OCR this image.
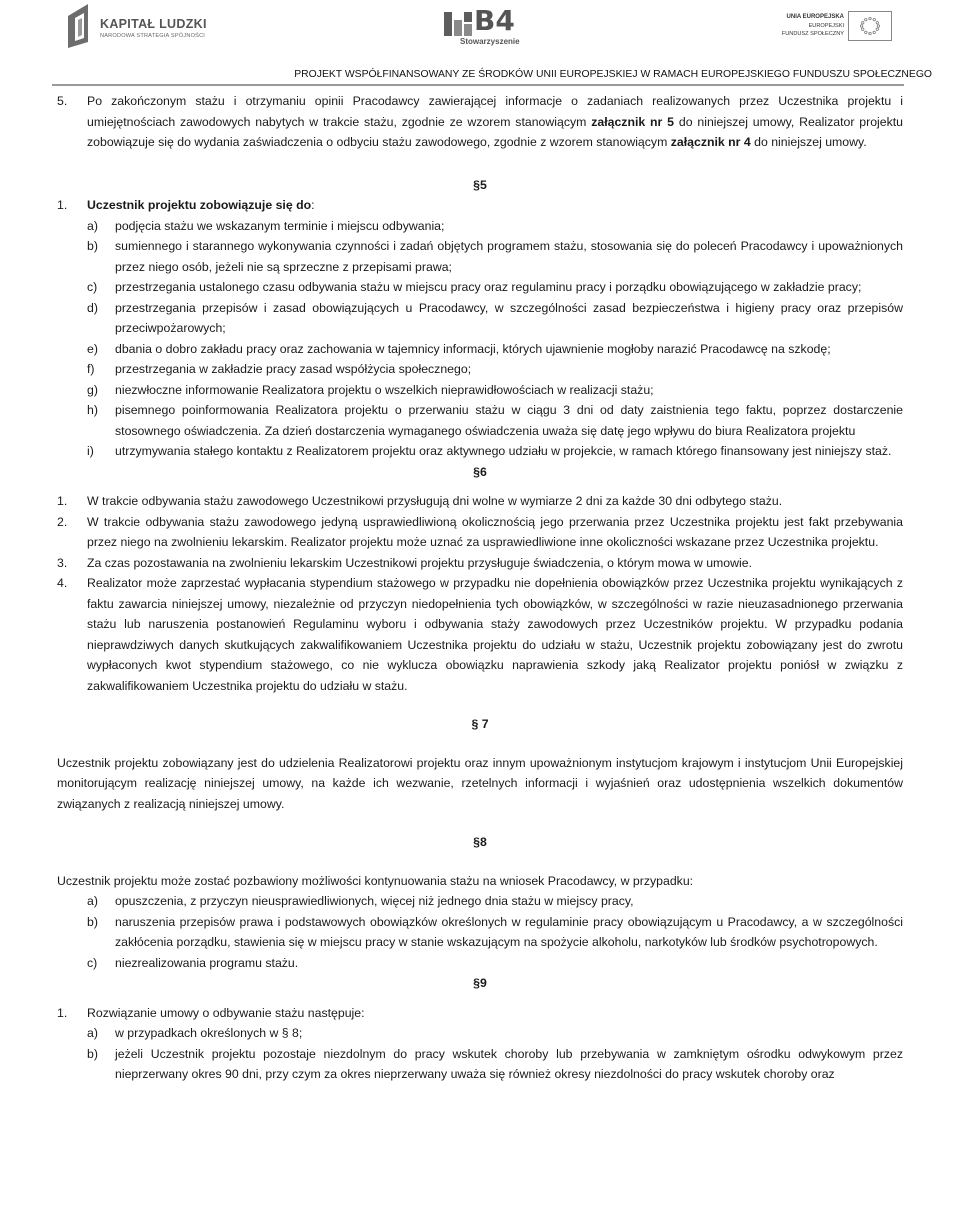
KAPITAŁ LUDZKI
NARODOWA STRATEGIA SPÓJNOŚCI	B4
Stowarzyszenie
UNIA EUROPEJSKA
EUROPEJSKI
FUNDUSZ SPOŁECZNY
PROJEKT WSPÓŁFINANSOWANY ZE ŚRODKÓW UNII EUROPEJSKIEJ W RAMACH EUROPEJSKIEGO FUNDUSZU SPOŁECZNEGO
5. Po zakończonym stażu i otrzymaniu opinii Pracodawcy zawierającej informacje o zadaniach realizowanych przez Uczestnika projektu i umiejętnościach zawodowych nabytych w trakcie stażu, zgodnie ze wzorem stanowiącym załącznik nr 5 do niniejszej umowy, Realizator projektu zobowiązuje się do wydania zaświadczenia o odbyciu stażu zawodowego, zgodnie z wzorem stanowiącym załącznik nr 4 do niniejszej umowy.
§5
1. Uczestnik projektu zobowiązuje się do:
a) podjęcia stażu we wskazanym terminie i miejscu odbywania;
b) sumiennego i starannego wykonywania czynności i zadań objętych programem stażu, stosowania się do poleceń Pracodawcy i upoważnionych przez niego osób, jeżeli nie są sprzeczne z przepisami prawa;
c) przestrzegania ustalonego czasu odbywania stażu w miejscu pracy oraz regulaminu pracy i porządku obowiązującego w zakładzie pracy;
d) przestrzegania przepisów i zasad obowiązujących u Pracodawcy, w szczególności zasad bezpieczeństwa i higieny pracy oraz przepisów przeciwpożarowych;
e) dbania o dobro zakładu pracy oraz zachowania w tajemnicy informacji, których ujawnienie mogłoby narazić Pracodawcę na szkodę;
f) przestrzegania w zakładzie pracy zasad współżycia społecznego;
g) niezwłoczne informowanie Realizatora projektu o wszelkich nieprawidłowościach w realizacji stażu;
h) pisemnego poinformowania Realizatora projektu o przerwaniu stażu w ciągu 3 dni od daty zaistnienia tego faktu, poprzez dostarczenie stosownego oświadczenia. Za dzień dostarczenia wymaganego oświadczenia uważa się datę jego wpływu do biura Realizatora projektu
i) utrzymywania stałego kontaktu z Realizatorem projektu oraz aktywnego udziału w projekcie, w ramach którego finansowany jest niniejszy staż.
§6
1. W trakcie odbywania stażu zawodowego Uczestnikowi przysługują dni wolne w wymiarze 2 dni za każde 30 dni odbytego stażu.
2. W trakcie odbywania stażu zawodowego jedyną usprawiedliwioną okolicznością jego przerwania przez Uczestnika projektu jest fakt przebywania przez niego na zwolnieniu lekarskim. Realizator projektu może uznać za usprawiedliwione inne okoliczności wskazane przez Uczestnika projektu.
3. Za czas pozostawania na zwolnieniu lekarskim Uczestnikowi projektu przysługuje świadczenia, o którym mowa w umowie.
4. Realizator może zaprzestać wypłacania stypendium stażowego w przypadku nie dopełnienia obowiązków przez Uczestnika projektu wynikających z faktu zawarcia niniejszej umowy, niezależnie od przyczyn niedopełnienia tych obowiązków, w szczególności w razie nieuzasadnionego przerwania stażu lub naruszenia postanowień Regulaminu wyboru i odbywania staży zawodowych przez Uczestników projektu. W przypadku podania nieprawdziwych danych skutkujących zakwalifikowaniem Uczestnika projektu do udziału w stażu, Uczestnik projektu zobowiązany jest do zwrotu wypłaconych kwot stypendium stażowego, co nie wyklucza obowiązku naprawienia szkody jaką Realizator projektu poniósł w związku z zakwalifikowaniem Uczestnika projektu do udziału w stażu.
§ 7
Uczestnik projektu zobowiązany jest do udzielenia Realizatorowi projektu oraz innym upoważnionym instytucjom krajowym i instytucjom Unii Europejskiej monitorującym realizację niniejszej umowy, na każde ich wezwanie, rzetelnych informacji i wyjaśnień oraz udostępnienia wszelkich dokumentów związanych z realizacją niniejszej umowy.
§8
Uczestnik projektu może zostać pozbawiony możliwości kontynuowania stażu na wniosek Pracodawcy, w przypadku:
a) opuszczenia, z przyczyn nieusprawiedliwionych, więcej niż jednego dnia stażu w miejscy pracy,
b) naruszenia przepisów prawa i podstawowych obowiązków określonych w regulaminie pracy obowiązującym u Pracodawcy, a w szczególności zakłócenia porządku, stawienia się w miejscu pracy w stanie wskazującym na spożycie alkoholu, narkotyków lub środków psychotropowych.
c) niezrealizowania programu stażu.
§9
1. Rozwiązanie umowy o odbywanie stażu następuje:
a) w przypadkach określonych w § 8;
b) jeżeli Uczestnik projektu pozostaje niezdolnym do pracy wskutek choroby lub przebywania w zamkniętym ośrodku odwykowym przez nieprzerwany okres 90 dni, przy czym za okres nieprzerwany uważa się również okresy niezdolności do pracy wskutek choroby oraz
